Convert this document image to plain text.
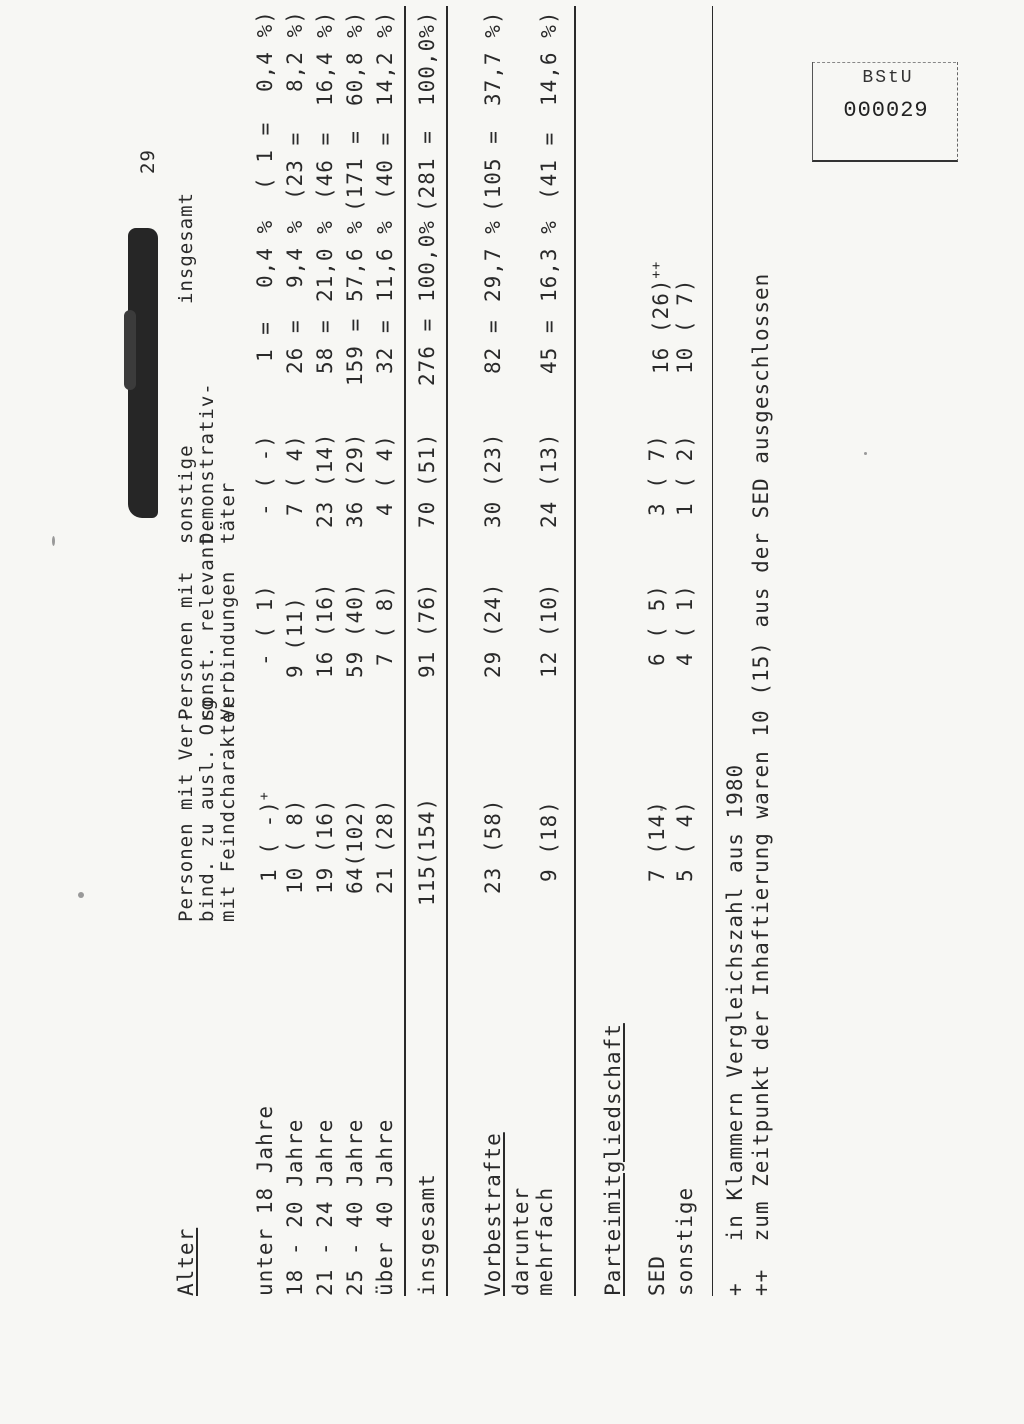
BStU
000029
29
Alter
Personen mit Ver-
bind. zu ausl. Org.
mit Feindcharakter
Personen mit
sonst. relevant.
Verbindungen
sonstige
Demonstrativ-
täter
insgesamt
unter 18 Jahre
1 ( -)+
- ( 1)
- ( -)
1 =
0,4 %
( 1 =
0,4 %)
18 - 20 Jahre
10 ( 8)
9 (11)
7 ( 4)
26 =
9,4 %
(23 =
8,2 %)
21 - 24 Jahre
19 (16)
16 (16)
23 (14)
58 =
21,0 %
(46 =
16,4 %)
25 - 40 Jahre
64(102)
59 (40)
36 (29)
159 =
57,6 %
(171 =
60,8 %)
über 40 Jahre
21 (28)
7 ( 8)
4 ( 4)
32 =
11,6 %
(40 =
14,2 %)
insgesamt
115(154)
91 (76)
70 (51)
276 =
100,0%
(281 =
100,0%)
Vorbestrafte
23 (58)
29 (24)
30 (23)
82 =
29,7 %
(105 =
37,7 %)
darunter mehrfach
9 (18)
12 (10)
24 (13)
45 =
16,3 %
(41 =
14,6 %)
Parteimitgliedschaft SED
7 (14)
6 ( 5)
3 ( 7)
16 (26)++
sonstige
5 ( 4)
4 ( 1)
1 ( 2)
10 ( 7)
+   in Klammern Vergleichszahl aus 1980
++  zum Zeitpunkt der Inhaftierung waren 10 (15) aus der SED ausgeschlossen
